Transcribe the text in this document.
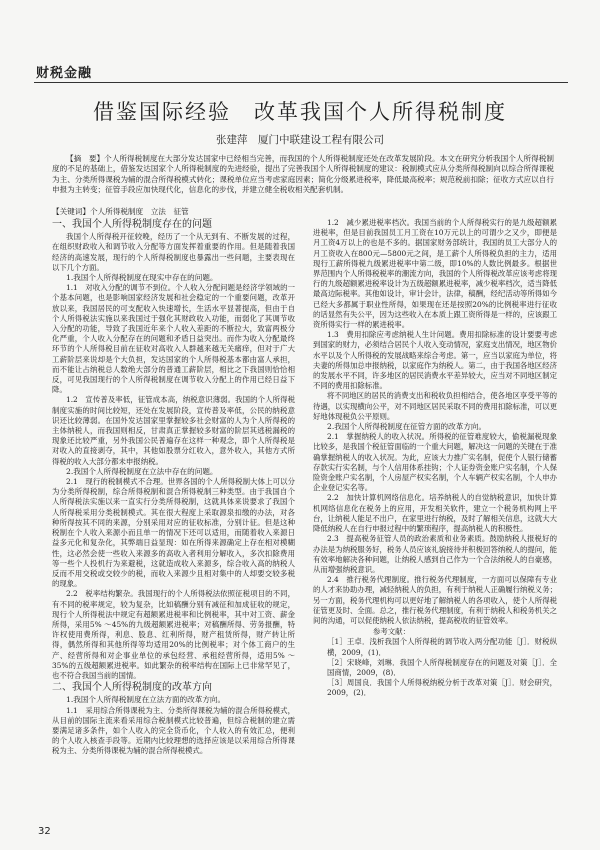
财税金融
借鉴国际经验　改革我国个人所得税制度
张建萍　厦门中联建设工程有限公司
【摘　要】个人所得税制度在大部分发达国家中已经相当完善，而我国的个人所得税制度还处在改革发展阶段。本文在研究分析我国个人所得税制度的不足的基础上，借鉴发达国家个人所得税制度的先进经验，提出了完善我国个人所得税制度的建议：税制模式应从分类所得税制向以综合所得课税为主、分类所得课税为辅的混合所得税模式转化；课税单位应当考虑家庭因素；简化分级累进税率，降低最高税率；规范税前扣除；征收方式应以自行申报为主转变；征管手段应加快现代化，信息化的步伐，并建立健全税收相关配套机制。
【关键词】个人所得税制度　立法　征管
一、我国个人所得税制度存在的问题

我国个人所得税开征较晚，经历了一个从无到有、不断发展的过程，在组织财政收入和调节收入分配等方面发挥着重要的作用。但是随着我国经济的高速发展，现行的个人所得税制度也暴露出一些问题，主要表现在以下几个方面。

1.我国个人所得税制度在现实中存在的问题。

1.1　对收入分配的调节不到位。个人收入分配问题是经济学领域的一个基本问题，也是影响国家经济发展和社会稳定的一个重要问题，改革开放以来，我国居民的可支配收入快速增长，生活水平显著提高，但由于自个人所得税法实施以来我国过于强化其财政收入功能，而弱化了其调节收入分配的功能，导致了我国近年来个人收入差距的不断拉大，致富两极分化严重，个人收入分配存在的问题和矛盾日益突出。而作为收入分配最终环节的个人所得税目前在征收对高收入人群越来越无关痛痒，但对于广大工薪阶层来说却是个大负担，发达国家的个人所得税基本都由富人承担，而不能让占纳税总人数绝大部分的普通工薪阶层，相比之下我国则恰恰相反，可见我国现行的个人所得税制度在调节收入分配上的作用已经日益下降。

1.2　宣传普及率低，征管成本高，纳税意识薄弱。我国的个人所得税制度实施的时间比较短，还处在发展阶段，宣传普及率低，公民的纳税意识还比较薄弱。在国外发达国家里掌握较多社会财富的人为个人所得税的主体纳税人，而我国则相反，甘肃真正掌握较多财富的阶层其逃税漏税的现象还比较严重，另外我国公民普遍存在这样一种观念，即个人所得税是对收入的直接剥夺，其中，其他如股票分红收入，意外收入，其他方式所得税的收入大部分都未申报纳税。

2.我国个人所得税制度在立法中存在的问题。

2.1　现行的税制模式不合理。世界各国的个人所得税制大体上可以分为分类所得税制，综合所得税制和混合所得税制三种类型。由于我国自个人所得税法实施以来一直实行分类所得税制，这就具体来说要求了我国个人所得税采用分类税制模式。其在很大程度上采取源泉扣缴的办法，对各种所得按其不同的来源，分别采用对应的征收标准，分别计征。但是这种税制在个人收入来源小而且单一的情况下还可以适用，而随着收入来源日益多元化和复杂化，其弊端日益显现：如在所得来源确定上存在相对模糊性，这必然会使一些收入来源多的高收入者利用分解收入，多次扣除费用等一些个人投机行为来避税，这就造成收入来源多，综合收入高的纳税人反而不用交税或交较少的税，而收入来源少且相对集中的人却要交较多税的现象。

2.2　税率结构繁杂。我国现行的个人所得税法依照征税项目的不同，有不同的税率规定，较为复杂，比如稿酬分别有减征和加成征收的规定，现行个人所得税法中规定有超额累进税率和比例税率，其中对工资、薪金所得，采用5% ～45%的九级超额累进税率；对稿酬所得、劳务报酬，特许权使用费所得，利息、股息、红利所得，财产租赁所得，财产转让所得，偶然所得和其他所得等均适用20%的比例税率；对个体工商户的生产、经营所得和对企事业单位的承包经营、承租经营所得，适用5% ～35%的五级超额累进税率。如此繁杂的税率结构在国际上已非常罕见了，也不符合我国当前的国情。

二、我国个人所得税制度的改革方向
1.我国个人所得税制度在立法方面的改革方向。

1.1　采用综合所得课税为主、分类所得课税为辅的混合所得税模式，从目前的国际主流来看采用综合税制模式比较普遍，但综合税制的建立需要满足诸多条件，如个人收入的完全货币化，个人收入的有效汇总，便利的个人收入核查手段等。近期内比较理想的选择应该是以采用综合所得课税为主、分类所得课税为辅的混合所得税模式。

1.2　减少累进税率档次。我国当前的个人所得税实行的是九级超额累进税率，但是目前我国员工月工资在10万元以上的可谓少之又少，即便是月工资4万以上的也是不多的。据国家财务部统计，我国的员工大部分人的月工资收入在800元—5800元之间，是工薪个人所得税负担的主力，适用现行工薪所得税九级累进税率中第二级，即10%的人数比例最多。根据世界范围内个人所得税税率的潮流方向，我国的个人所得税改革应该考虑将现行的九级超额累进税率设计为五级超额累进税率，减少税率档次，适当降低最高边际税率。其他如设计，审计会计，法律，稿酬，经纪活动等所得如今已经大多都属于职业性所得，如果现在还是按照20%的比例税率进行征收的话显然有失公平，因为这些收入在本质上跟工资所得是一样的，应该跟工资所得实行一样的累进税率。

1.3　费用扣除应考虑纳税人生计问题。费用扣除标准的设计要要考虑到国家的财力，必须结合居民个人收入变动情况，家庭支出情况，地区物价水平以及个人所得税的发展战略来综合考虑。第一，应当以家庭为单位，将夫妻的所得加总申报纳税，以家庭作为纳税人。第二，由于我国各地区经济的发展水平不同，许多地区的居民消费水平差异较大，应当对不同地区制定不同的费用扣除标准。

将不同地区的居民的消费支出和税收负担相结合，使各地区享受平等的待遇，以实现横向公平，对不同地区居民采取不同的费用扣除标准，可以更好地体现税负公平原则。

2.我国个人所得税制度在征管方面的改革方向。

2.1　掌握纳税人的收入状况。所得税的征管难度较大，偷税漏税现象比较多，是我国个税征管面临的一个重大问题，解决这一问题的关键在于准确掌握纳税人的收入状况。为此，应该大力推广实名制，促使个人银行储蓄存款实行实名制，与个人信用体系挂钩；个人证券资金账户实名制，个人保险资金账户实名制，个人房屋产权实名制，个人车辆产权实名制，个人申办企业登记实名等。

2.2　加快计算机网络信息化。培养纳税人的自觉纳税意识，加快计算机网络信息化在税务上的应用，开发相关软件，建立一个税务机构网上平台，让纳税人能足不出户，在家里进行纳税，及时了解相关信息，这就大大降低纳税人在自行申报过程中的繁琐程序，提高纳税人的积极性。

2.3　提高税务征管人员的政治素质和业务素质。鼓励纳税人报税好的办法是为纳税服务好，税务人员应该礼貌接待并积极回答纳税人的提问，能有效率地解决各种问题，让纳税人感到自己作为一个合法纳税人的自豪感，从而增强纳税意识。

2.4　推行税务代理制度。推行税务代理制度，一方面可以保障有专业的人才来协助办理，减轻纳税人的负担，有利于纳税人正确履行纳税义务；另一方面，税务代理机构可以更好地了解纳税人的各项收入，使个人所得税征管更及时、全面。总之，推行税务代理制度，有利于纳税人和税务机关之间的沟通，可以促使纳税人依法纳税，提高税收的征管效率。

参考文献：

［1］王卓．浅析我国个人所得税的调节收入两分配功能［J］．财税纵横，2009，(1)．

［2］宋晓峰，刘琳．我国个人所得税制度存在的问题及对策［J］．全国商情，2009，(8)．

［3］周国良．我国个人所得税纳税分析于改革对策［J］．财会研究，2009，(2)．

32
